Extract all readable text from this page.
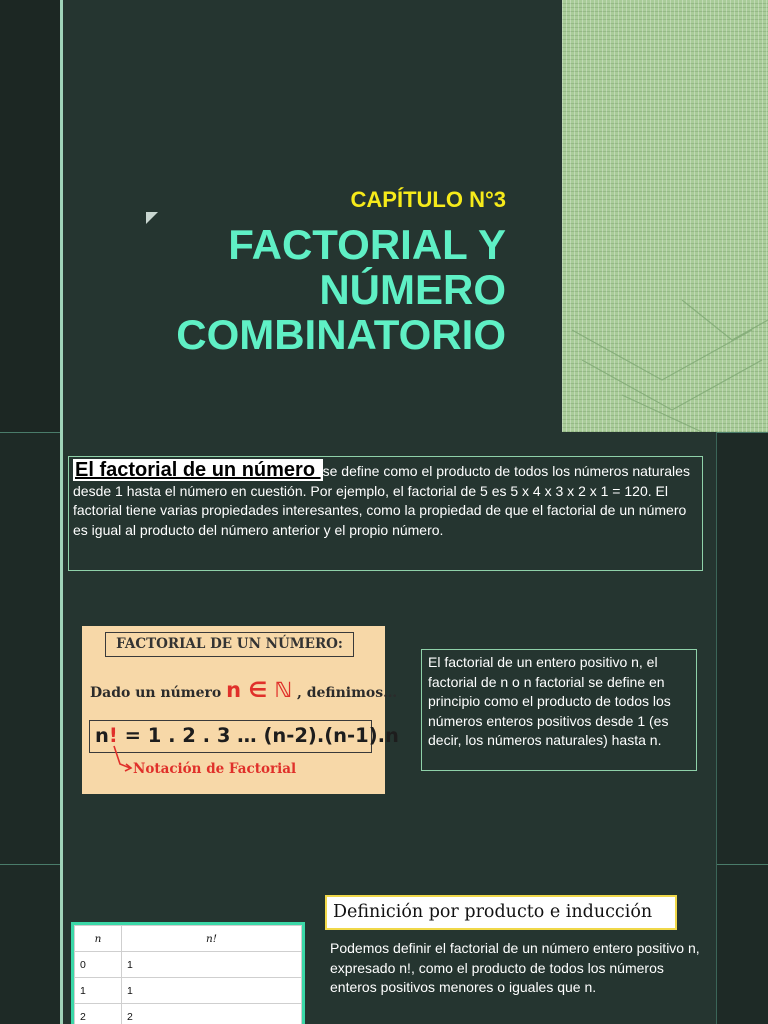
CAPÍTULO N°3
FACTORIAL Y
NÚMERO
COMBINATORIO
El factorial de un número se define como el producto de todos los números naturales desde 1 hasta el número en cuestión. Por ejemplo, el factorial de 5 es 5 x 4 x 3 x 2 x 1 = 120. El factorial tiene varias propiedades interesantes, como la propiedad de que el factorial de un número es igual al producto del número anterior y el propio número.
FACTORIAL DE UN NÚMERO:
Dado un número n ∈ ℕ , definimos…
n! = 1 . 2 . 3 … (n-2).(n-1).n
Notación de Factorial
El factorial de un entero positivo n, el factorial de n o n factorial se define en principio como el producto de todos los números enteros positivos desde 1 (es decir, los números naturales) hasta n.
Definición por producto e inducción
Podemos definir el factorial de un número entero positivo n, expresado n!, como el producto de todos los números enteros positivos menores o iguales que n.
n	n!
0	1
1	1
2	2
